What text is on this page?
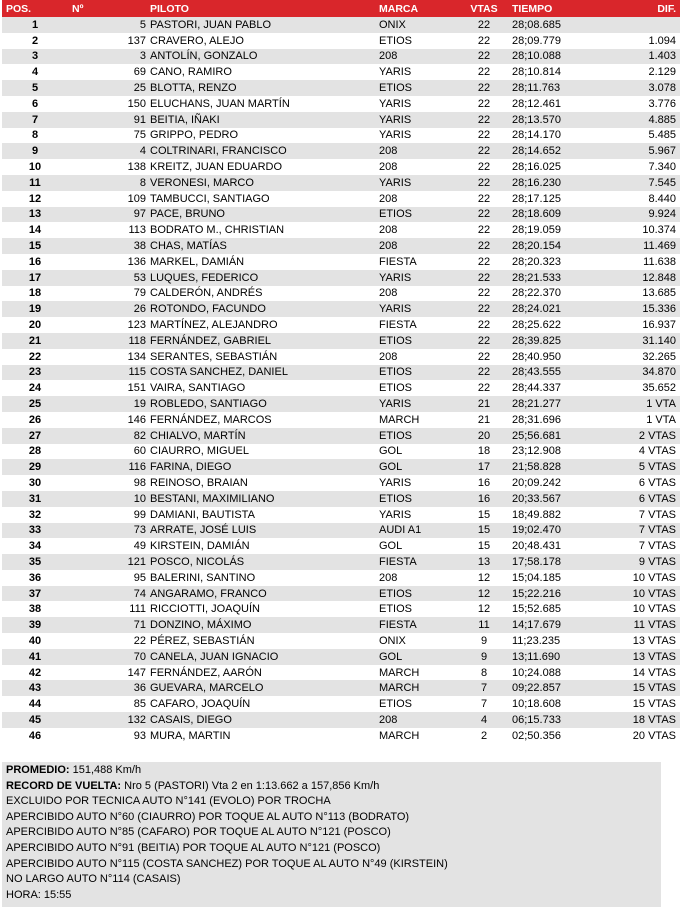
POS.	Nº	PILOTO	MARCA	VTAS	TIEMPO	DIF.
1	5	PASTORI, JUAN PABLO	ONIX	22	28;08.685	
2	137	CRAVERO, ALEJO	ETIOS	22	28;09.779	1.094
3	3	ANTOLÍN, GONZALO	208	22	28;10.088	1.403
4	69	CANO, RAMIRO	YARIS	22	28;10.814	2.129
5	25	BLOTTA, RENZO	ETIOS	22	28;11.763	3.078
6	150	ELUCHANS, JUAN MARTÍN	YARIS	22	28;12.461	3.776
7	91	BEITIA, IÑAKI	YARIS	22	28;13.570	4.885
8	75	GRIPPO, PEDRO	YARIS	22	28;14.170	5.485
9	4	COLTRINARI, FRANCISCO	208	22	28;14.652	5.967
10	138	KREITZ, JUAN EDUARDO	208	22	28;16.025	7.340
11	8	VERONESI, MARCO	YARIS	22	28;16.230	7.545
12	109	TAMBUCCI, SANTIAGO	208	22	28;17.125	8.440
13	97	PACE, BRUNO	ETIOS	22	28;18.609	9.924
14	113	BODRATO M., CHRISTIAN	208	22	28;19.059	10.374
15	38	CHAS, MATÍAS	208	22	28;20.154	11.469
16	136	MARKEL, DAMIÁN	FIESTA	22	28;20.323	11.638
17	53	LUQUES, FEDERICO	YARIS	22	28;21.533	12.848
18	79	CALDERÓN, ANDRÉS	208	22	28;22.370	13.685
19	26	ROTONDO, FACUNDO	YARIS	22	28;24.021	15.336
20	123	MARTÍNEZ, ALEJANDRO	FIESTA	22	28;25.622	16.937
21	118	FERNÁNDEZ, GABRIEL	ETIOS	22	28;39.825	31.140
22	134	SERANTES, SEBASTIÁN	208	22	28;40.950	32.265
23	115	COSTA SANCHEZ, DANIEL	ETIOS	22	28;43.555	34.870
24	151	VAIRA, SANTIAGO	ETIOS	22	28;44.337	35.652
25	19	ROBLEDO, SANTIAGO	YARIS	21	28;21.277	1 VTA
26	146	FERNÁNDEZ, MARCOS	MARCH	21	28;31.696	1 VTA
27	82	CHIALVO, MARTÍN	ETIOS	20	25;56.681	2 VTAS
28	60	CIAURRO, MIGUEL	GOL	18	23;12.908	4 VTAS
29	116	FARINA, DIEGO	GOL	17	21;58.828	5 VTAS
30	98	REINOSO, BRAIAN	YARIS	16	20;09.242	6 VTAS
31	10	BESTANI, MAXIMILIANO	ETIOS	16	20;33.567	6 VTAS
32	99	DAMIANI, BAUTISTA	YARIS	15	18;49.882	7 VTAS
33	73	ARRATE, JOSÉ LUIS	AUDI A1	15	19;02.470	7 VTAS
34	49	KIRSTEIN, DAMIÁN	GOL	15	20;48.431	7 VTAS
35	121	POSCO, NICOLÁS	FIESTA	13	17;58.178	9 VTAS
36	95	BALERINI, SANTINO	208	12	15;04.185	10 VTAS
37	74	ANGARAMO, FRANCO	ETIOS	12	15;22.216	10 VTAS
38	111	RICCIOTTI, JOAQUÍN	ETIOS	12	15;52.685	10 VTAS
39	71	DONZINO, MÁXIMO	FIESTA	11	14;17.679	11 VTAS
40	22	PÉREZ, SEBASTIÁN	ONIX	9	11;23.235	13 VTAS
41	70	CANELA, JUAN IGNACIO	GOL	9	13;11.690	13 VTAS
42	147	FERNÁNDEZ, AARÓN	MARCH	8	10;24.088	14 VTAS
43	36	GUEVARA, MARCELO	MARCH	7	09;22.857	15 VTAS
44	85	CAFARO, JOAQUÍN	ETIOS	7	10;18.608	15 VTAS
45	132	CASAIS, DIEGO	208	4	06;15.733	18 VTAS
46	93	MURA, MARTIN	MARCH	2	02;50.356	20 VTAS
PROMEDIO: 151,488 Km/h
RECORD DE VUELTA: Nro 5 (PASTORI) Vta 2 en 1:13.662 a 157,856 Km/h
EXCLUIDO POR TECNICA AUTO N°141 (EVOLO) POR TROCHA
APERCIBIDO AUTO N°60 (CIAURRO) POR TOQUE AL AUTO N°113 (BODRATO)
APERCIBIDO AUTO N°85 (CAFARO) POR TOQUE AL AUTO N°121 (POSCO)
APERCIBIDO AUTO N°91 (BEITIA) POR TOQUE AL AUTO N°121 (POSCO)
APERCIBIDO AUTO N°115 (COSTA SANCHEZ) POR TOQUE AL AUTO N°49 (KIRSTEIN)
NO LARGO AUTO N°114 (CASAIS)
HORA: 15:55
